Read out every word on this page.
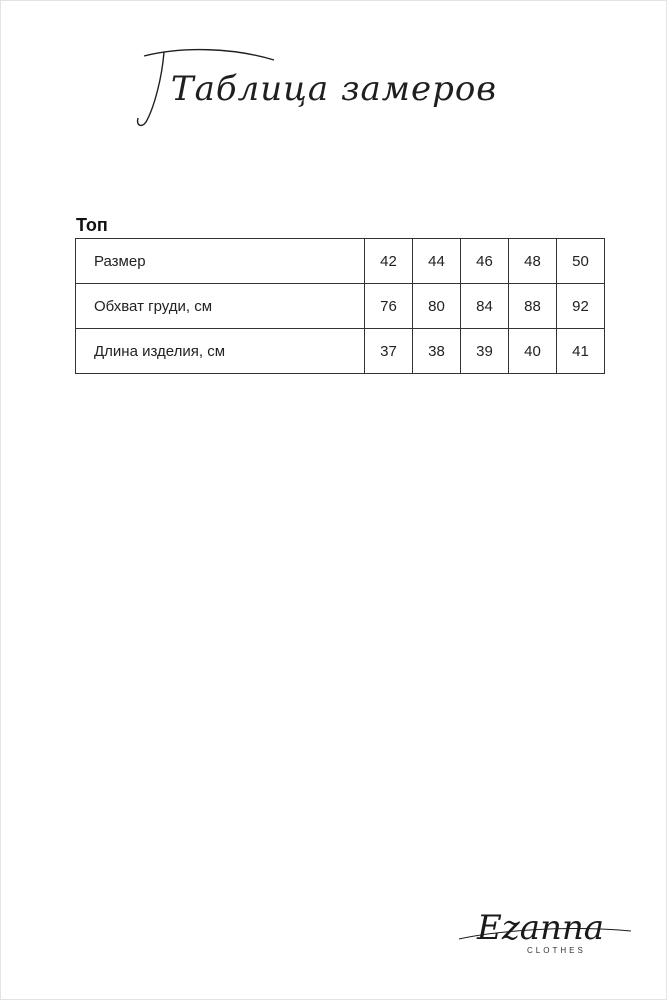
Таблица замеров
Топ
Размер	42	44	46	48	50
Обхват груди, см	76	80	84	88	92
Длина изделия, см	37	38	39	40	41
Ezanna
CLOTHES
